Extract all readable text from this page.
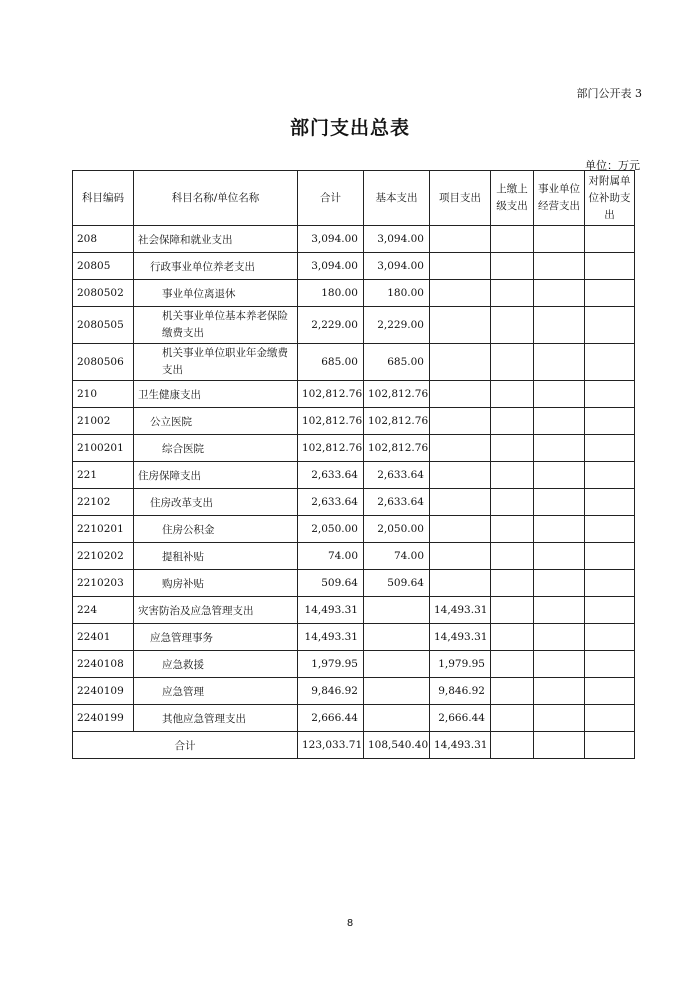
部门公开表 3
部门支出总表
单位：万元
科目编码	科目名称/单位名称	合计	基本支出	项目支出	上缴上级支出	事业单位经营支出	对附属单位补助支出
208	社会保障和就业支出	3,094.00	3,094.00				
20805	行政事业单位养老支出	3,094.00	3,094.00				
2080502	事业单位离退休	180.00	180.00				
2080505	机关事业单位基本养老保险缴费支出	2,229.00	2,229.00				
2080506	机关事业单位职业年金缴费支出	685.00	685.00				
210	卫生健康支出	102,812.76	102,812.76				
21002	公立医院	102,812.76	102,812.76				
2100201	综合医院	102,812.76	102,812.76				
221	住房保障支出	2,633.64	2,633.64				
22102	住房改革支出	2,633.64	2,633.64				
2210201	住房公积金	2,050.00	2,050.00				
2210202	提租补贴	74.00	74.00				
2210203	购房补贴	509.64	509.64				
224	灾害防治及应急管理支出	14,493.31		14,493.31			
22401	应急管理事务	14,493.31		14,493.31			
2240108	应急救援	1,979.95		1,979.95			
2240109	应急管理	9,846.92		9,846.92			
2240199	其他应急管理支出	2,666.44		2,666.44			
合计		123,033.71	108,540.40	14,493.31			
8
